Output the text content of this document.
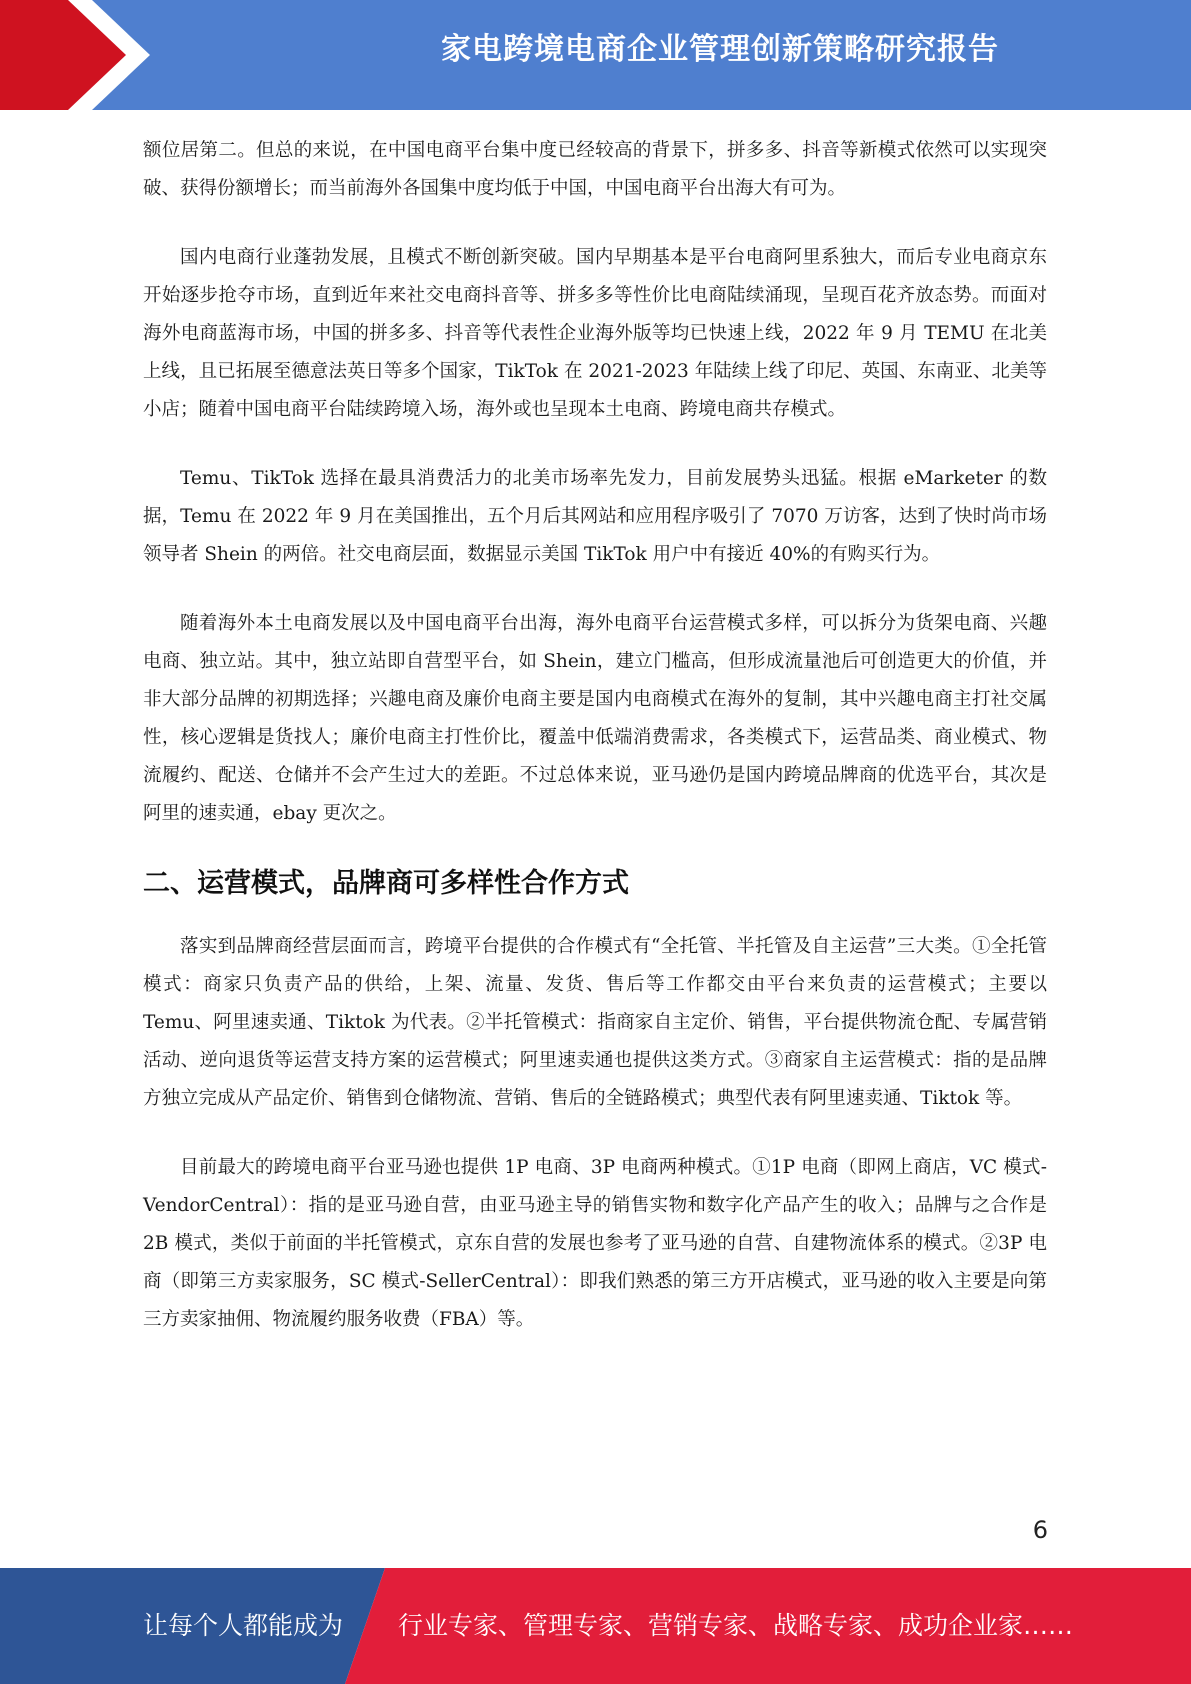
家电跨境电商企业管理创新策略研究报告

额位居第二。但总的来说，在中国电商平台集中度已经较高的背景下，拼多多、抖音等新模式依然可以实现突破、获得份额增长；而当前海外各国集中度均低于中国，中国电商平台出海大有可为。

国内电商行业蓬勃发展，且模式不断创新突破。国内早期基本是平台电商阿里系独大，而后专业电商京东开始逐步抢夺市场，直到近年来社交电商抖音等、拼多多等性价比电商陆续涌现，呈现百花齐放态势。而面对海外电商蓝海市场，中国的拼多多、抖音等代表性企业海外版等均已快速上线，2022 年 9 月 TEMU 在北美上线，且已拓展至德意法英日等多个国家，TikTok 在 2021-2023 年陆续上线了印尼、英国、东南亚、北美等小店；随着中国电商平台陆续跨境入场，海外或也呈现本土电商、跨境电商共存模式。

Temu、TikTok 选择在最具消费活力的北美市场率先发力，目前发展势头迅猛。根据 eMarketer 的数据，Temu 在 2022 年 9 月在美国推出，五个月后其网站和应用程序吸引了 7070 万访客，达到了快时尚市场领导者 Shein 的两倍。社交电商层面，数据显示美国 TikTok 用户中有接近 40%的有购买行为。

随着海外本土电商发展以及中国电商平台出海，海外电商平台运营模式多样，可以拆分为货架电商、兴趣电商、独立站。其中，独立站即自营型平台，如 Shein，建立门槛高，但形成流量池后可创造更大的价值，并非大部分品牌的初期选择；兴趣电商及廉价电商主要是国内电商模式在海外的复制，其中兴趣电商主打社交属性，核心逻辑是货找人；廉价电商主打性价比，覆盖中低端消费需求，各类模式下，运营品类、商业模式、物流履约、配送、仓储并不会产生过大的差距。不过总体来说，亚马逊仍是国内跨境品牌商的优选平台，其次是阿里的速卖通，ebay 更次之。

二、运营模式，品牌商可多样性合作方式

落实到品牌商经营层面而言，跨境平台提供的合作模式有“全托管、半托管及自主运营”三大类。①全托管模式：商家只负责产品的供给，上架、流量、发货、售后等工作都交由平台来负责的运营模式；主要以 Temu、阿里速卖通、Tiktok 为代表。②半托管模式：指商家自主定价、销售，平台提供物流仓配、专属营销活动、逆向退货等运营支持方案的运营模式；阿里速卖通也提供这类方式。③商家自主运营模式：指的是品牌方独立完成从产品定价、销售到仓储物流、营销、售后的全链路模式；典型代表有阿里速卖通、Tiktok 等。

目前最大的跨境电商平台亚马逊也提供 1P 电商、3P 电商两种模式。①1P 电商（即网上商店，VC 模式-VendorCentral）：指的是亚马逊自营，由亚马逊主导的销售实物和数字化产品产生的收入；品牌与之合作是 2B 模式，类似于前面的半托管模式，京东自营的发展也参考了亚马逊的自营、自建物流体系的模式。②3P 电商（即第三方卖家服务，SC 模式-SellerCentral）：即我们熟悉的第三方开店模式，亚马逊的收入主要是向第三方卖家抽佣、物流履约服务收费（FBA）等。

6
让每个人都能成为 行业专家、管理专家、营销专家、战略专家、成功企业家……
